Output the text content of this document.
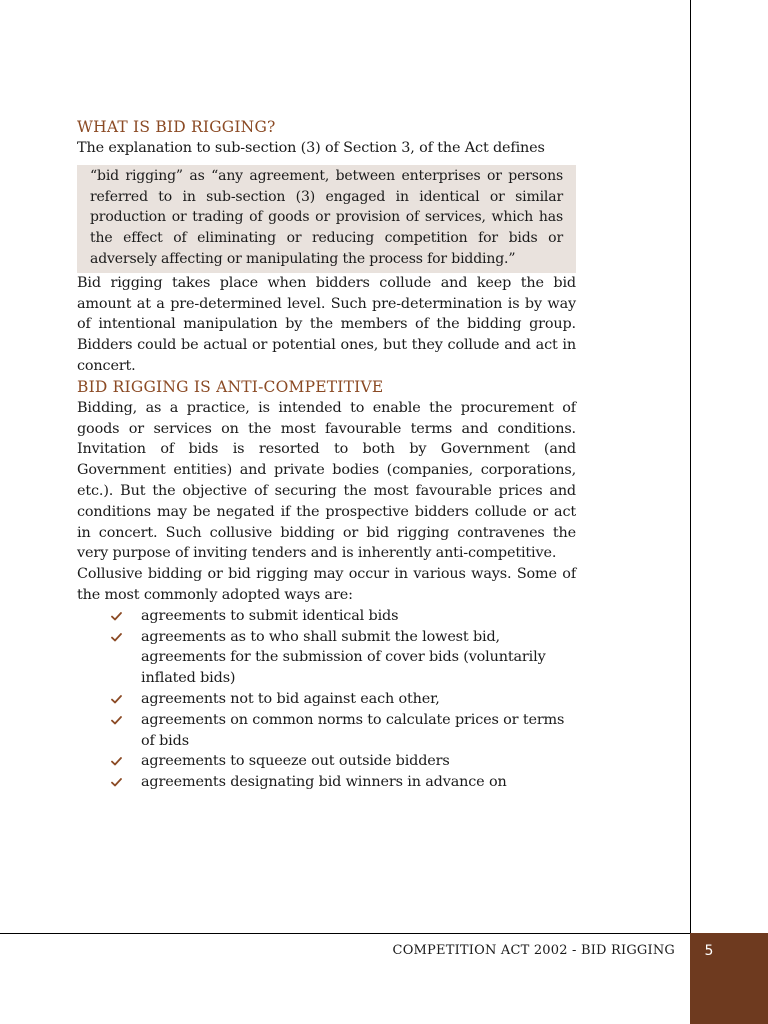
WHAT IS BID RIGGING?

The explanation to sub-section (3) of Section 3, of the Act defines

“bid rigging” as “any agreement, between enterprises or persons referred to in sub-section (3) engaged in identical or similar production or trading of goods or provision of services, which has the effect of eliminating or reducing competition for bids or adversely affecting or manipulating the process for bidding.”

Bid rigging takes place when bidders collude and keep the bid amount at a pre-determined level. Such pre-determination is by way of intentional manipulation by the members of the bidding group. Bidders could be actual or potential ones, but they collude and act in concert.

BID RIGGING IS ANTI-COMPETITIVE

Bidding, as a practice, is intended to enable the procurement of goods or services on the most favourable terms and conditions. Invitation of bids is resorted to both by Government (and Government entities) and private bodies (companies, corporations, etc.). But the objective of securing the most favourable prices and conditions may be negated if the prospective bidders collude or act in concert. Such collusive bidding or bid rigging contravenes the very purpose of inviting tenders and is inherently anti-competitive.

Collusive bidding or bid rigging may occur in various ways. Some of the most commonly adopted ways are:

agreements to submit identical bids
agreements as to who shall submit the lowest bid, agreements for the submission of cover bids (voluntarily inflated bids)
agreements not to bid against each other,
agreements on common norms to calculate prices or terms of bids
agreements to squeeze out outside bidders
agreements designating bid winners in advance on
COMPETITION ACT 2002 - BID RIGGING	5
